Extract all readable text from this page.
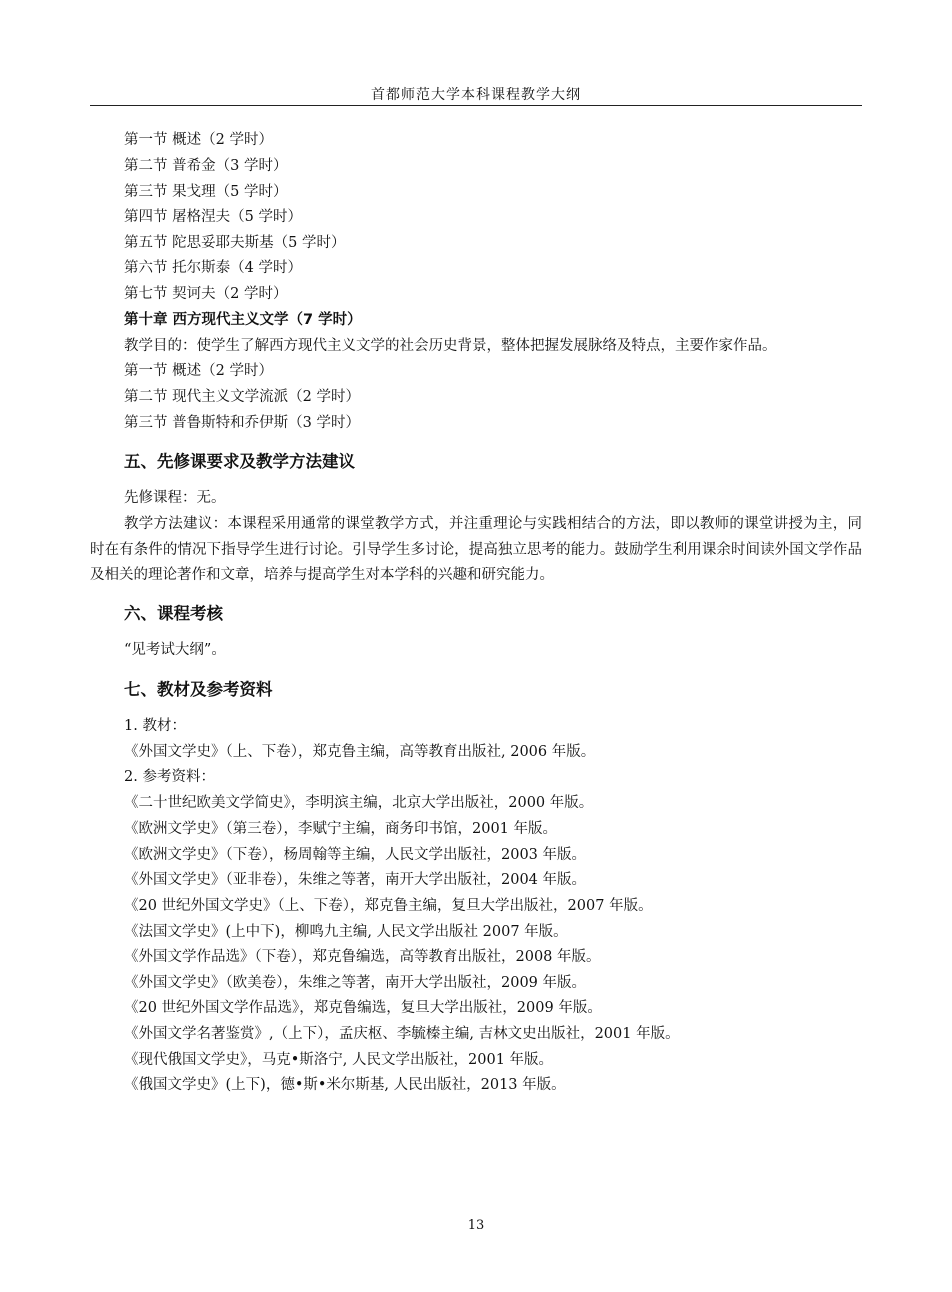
首都师范大学本科课程教学大纲
第一节 概述（2 学时）
第二节 普希金（3 学时）
第三节 果戈理（5 学时）
第四节 屠格涅夫（5 学时）
第五节 陀思妥耶夫斯基（5 学时）
第六节 托尔斯泰（4 学时）
第七节 契诃夫（2 学时）
第十章 西方现代主义文学（7 学时）
教学目的：使学生了解西方现代主义文学的社会历史背景，整体把握发展脉络及特点，主要作家作品。
第一节 概述（2 学时）
第二节 现代主义文学流派（2 学时）
第三节 普鲁斯特和乔伊斯（3 学时）
五、先修课要求及教学方法建议
先修课程：无。
教学方法建议：本课程采用通常的课堂教学方式，并注重理论与实践相结合的方法，即以教师的课堂讲授为主，同时在有条件的情况下指导学生进行讨论。引导学生多讨论，提高独立思考的能力。鼓励学生利用课余时间读外国文学作品及相关的理论著作和文章，培养与提高学生对本学科的兴趣和研究能力。
六、课程考核
“见考试大纲”。
七、教材及参考资料
1. 教材：
《外国文学史》（上、下卷），郑克鲁主编，高等教育出版社, 2006 年版。
2. 参考资料：
《二十世纪欧美文学简史》，李明滨主编，北京大学出版社，2000 年版。
《欧洲文学史》（第三卷），李赋宁主编，商务印书馆，2001 年版。
《欧洲文学史》（下卷），杨周翰等主编，人民文学出版社，2003 年版。
《外国文学史》（亚非卷），朱维之等著，南开大学出版社，2004 年版。
《20 世纪外国文学史》（上、下卷），郑克鲁主编，复旦大学出版社，2007 年版。
《法国文学史》(上中下)，柳鸣九主编, 人民文学出版社 2007 年版。
《外国文学作品选》（下卷），郑克鲁编选，高等教育出版社，2008 年版。
《外国文学史》（欧美卷），朱维之等著，南开大学出版社，2009 年版。
《20 世纪外国文学作品选》，郑克鲁编选，复旦大学出版社，2009 年版。
《外国文学名著鉴赏》,（上下），孟庆枢、李毓榛主编, 吉林文史出版社，2001 年版。
《现代俄国文学史》，马克•斯洛宁, 人民文学出版社，2001 年版。
《俄国文学史》(上下)，德•斯•米尔斯基, 人民出版社，2013 年版。
13
